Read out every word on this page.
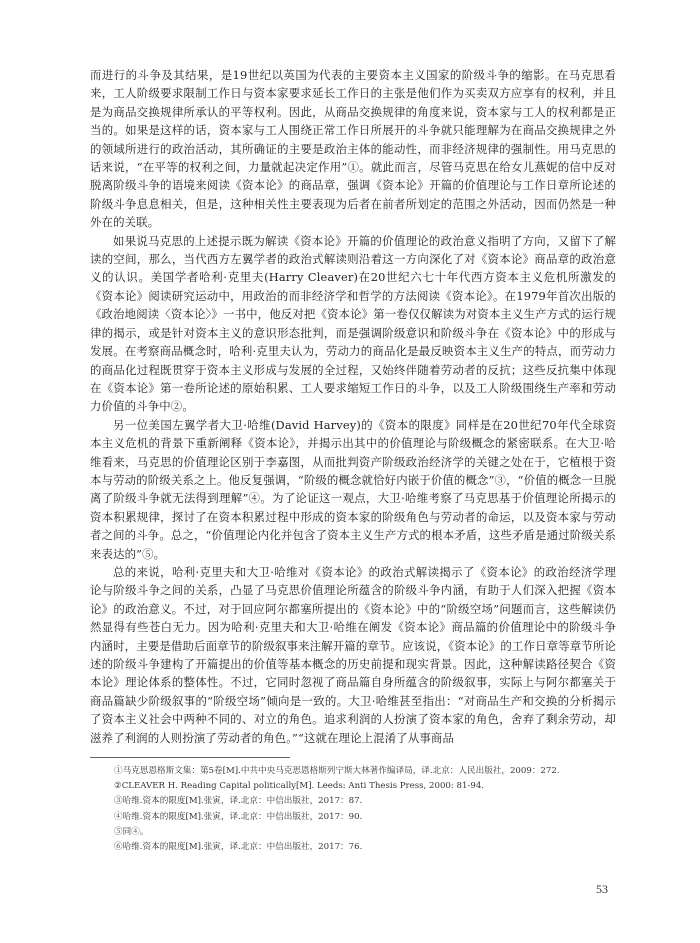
而进行的斗争及其结果，是19世纪以英国为代表的主要资本主义国家的阶级斗争的缩影。在马克思看来，工人阶级要求限制工作日与资本家要求延长工作日的主张是他们作为买卖双方应享有的权利，并且是为商品交换规律所承认的平等权利。因此，从商品交换规律的角度来说，资本家与工人的权利都是正当的。如果是这样的话，资本家与工人围绕正常工作日所展开的斗争就只能理解为在商品交换规律之外的领域所进行的政治活动，其所确证的主要是政治主体的能动性，而非经济规律的强制性。用马克思的话来说，“在平等的权利之间，力量就起决定作用”①。就此而言，尽管马克思在给女儿燕妮的信中反对脱离阶级斗争的语境来阅读《资本论》的商品章，强调《资本论》开篇的价值理论与工作日章所论述的阶级斗争息息相关，但是，这种相关性主要表现为后者在前者所划定的范围之外活动，因而仍然是一种外在的关联。

如果说马克思的上述提示既为解读《资本论》开篇的价值理论的政治意义指明了方向，又留下了解读的空间，那么，当代西方左翼学者的政治式解读则沿着这一方向深化了对《资本论》商品章的政治意义的认识。美国学者哈利·克里夫(Harry Cleaver)在20世纪六七十年代西方资本主义危机所激发的《资本论》阅读研究运动中，用政治的而非经济学和哲学的方法阅读《资本论》。在1979年首次出版的《政治地阅读〈资本论〉》一书中，他反对把《资本论》第一卷仅仅解读为对资本主义生产方式的运行规律的揭示，或是针对资本主义的意识形态批判，而是强调阶级意识和阶级斗争在《资本论》中的形成与发展。在考察商品概念时，哈利·克里夫认为，劳动力的商品化是最反映资本主义生产的特点，而劳动力的商品化过程既贯穿于资本主义形成与发展的全过程，又始终伴随着劳动者的反抗；这些反抗集中体现在《资本论》第一卷所论述的原始积累、工人要求缩短工作日的斗争，以及工人阶级围绕生产率和劳动力价值的斗争中②。

另一位美国左翼学者大卫·哈维(David Harvey)的《资本的限度》同样是在20世纪70年代全球资本主义危机的背景下重新阐释《资本论》，并揭示出其中的价值理论与阶级概念的紧密联系。在大卫·哈维看来，马克思的价值理论区别于李嘉图，从而批判资产阶级政治经济学的关键之处在于，它植根于资本与劳动的阶级关系之上。他反复强调，“阶级的概念就恰好内嵌于价值的概念”③，“价值的概念一旦脱离了阶级斗争就无法得到理解”④。为了论证这一观点，大卫·哈维考察了马克思基于价值理论所揭示的资本积累规律，探讨了在资本积累过程中形成的资本家的阶级角色与劳动者的命运，以及资本家与劳动者之间的斗争。总之，“价值理论内化并包含了资本主义生产方式的根本矛盾，这些矛盾是通过阶级关系来表达的”⑤。

总的来说，哈利·克里夫和大卫·哈维对《资本论》的政治式解读揭示了《资本论》的政治经济学理论与阶级斗争之间的关系，凸显了马克思价值理论所蕴含的阶级斗争内涵，有助于人们深入把握《资本论》的政治意义。不过，对于回应阿尔都塞所提出的《资本论》中的“阶级空场”问题而言，这些解读仍然显得有些苍白无力。因为哈利·克里夫和大卫·哈维在阐发《资本论》商品篇的价值理论中的阶级斗争内涵时，主要是借助后面章节的阶级叙事来注解开篇的章节。应该说，《资本论》的工作日章等章节所论述的阶级斗争建构了开篇提出的价值等基本概念的历史前提和现实背景。因此，这种解读路径契合《资本论》理论体系的整体性。不过，它同时忽视了商品篇自身所蕴含的阶级叙事，实际上与阿尔都塞关于商品篇缺少阶级叙事的“阶级空场”倾向是一致的。大卫·哈维甚至指出：“对商品生产和交换的分析揭示了资本主义社会中两种不同的、对立的角色。追求利润的人扮演了资本家的角色，舍弃了剩余劳动，却滋养了利润的人则扮演了劳动者的角色。”“这就在理论上混淆了从事商品

①马克思恩格斯文集：第5卷[M].中共中央马克思恩格斯列宁斯大林著作编译局，译.北京：人民出版社，2009：272.
②CLEAVER H. Reading Capital politically[M]. Leeds: Anti Thesis Press, 2000: 81-94.
③哈维.资本的限度[M].张寅，译.北京：中信出版社，2017：87.
④哈维.资本的限度[M].张寅，译.北京：中信出版社，2017：90.
⑤同④。
⑥哈维.资本的限度[M].张寅，译.北京：中信出版社，2017：76.
53
